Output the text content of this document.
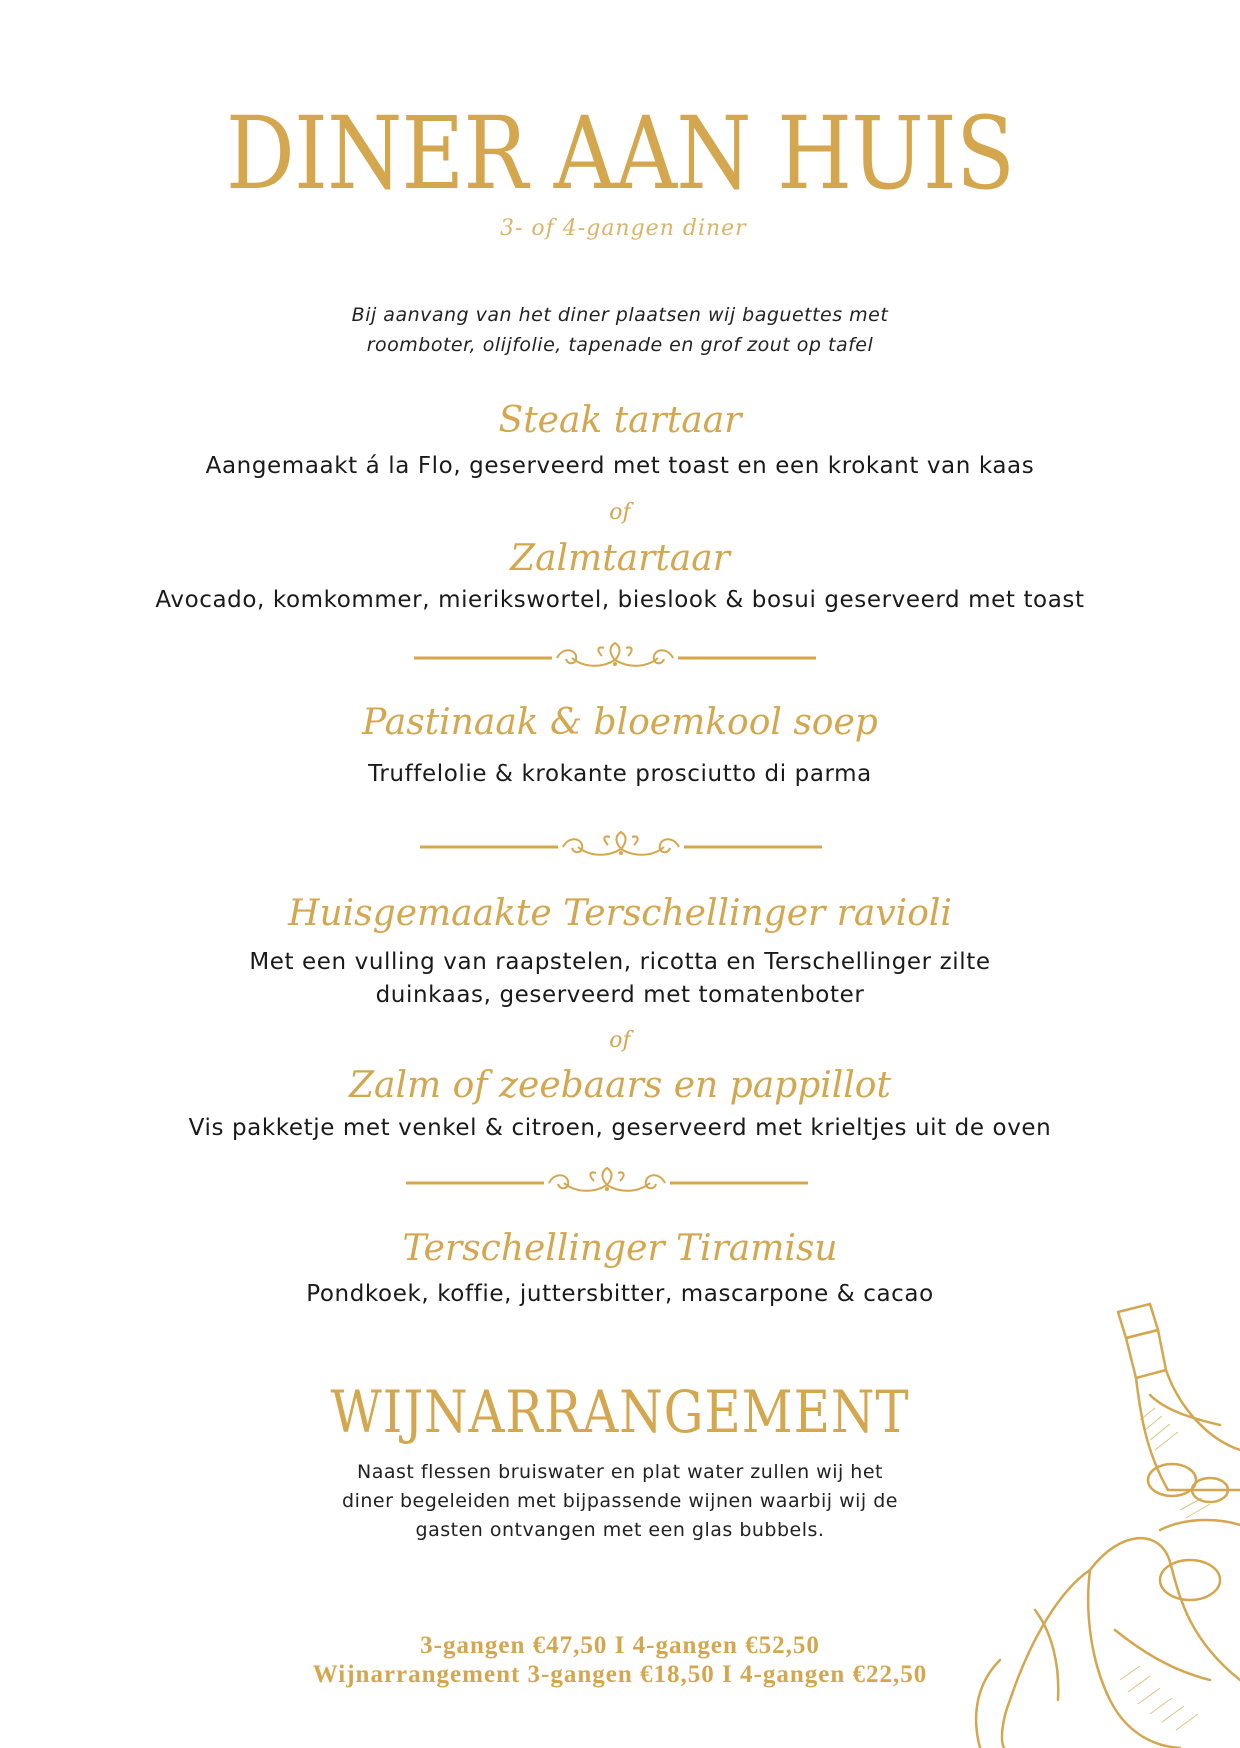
DINER AAN HUIS
3- of 4-gangen diner
Bij aanvang van het diner plaatsen wij baguettes met
roomboter, olijfolie, tapenade en grof zout op tafel
Steak tartaar
Aangemaakt á la Flo, geserveerd met toast en een krokant van kaas
of
Zalmtartaar
Avocado, komkommer, mierikswortel, bieslook & bosui geserveerd met toast
Pastinaak & bloemkool soep
Truffelolie & krokante prosciutto di parma
Huisgemaakte Terschellinger ravioli
Met een vulling van raapstelen, ricotta en Terschellinger zilte
duinkaas, geserveerd met tomatenboter
of
Zalm of zeebaars en pappillot
Vis pakketje met venkel & citroen, geserveerd met krieltjes uit de oven
Terschellinger Tiramisu
Pondkoek, koffie, juttersbitter, mascarpone & cacao
WIJNARRANGEMENT
Naast flessen bruiswater en plat water zullen wij het
diner begeleiden met bijpassende wijnen waarbij wij de
gasten ontvangen met een glas bubbels.
3-gangen €47,50 I 4-gangen €52,50
Wijnarrangement 3-gangen €18,50 I 4-gangen €22,50
